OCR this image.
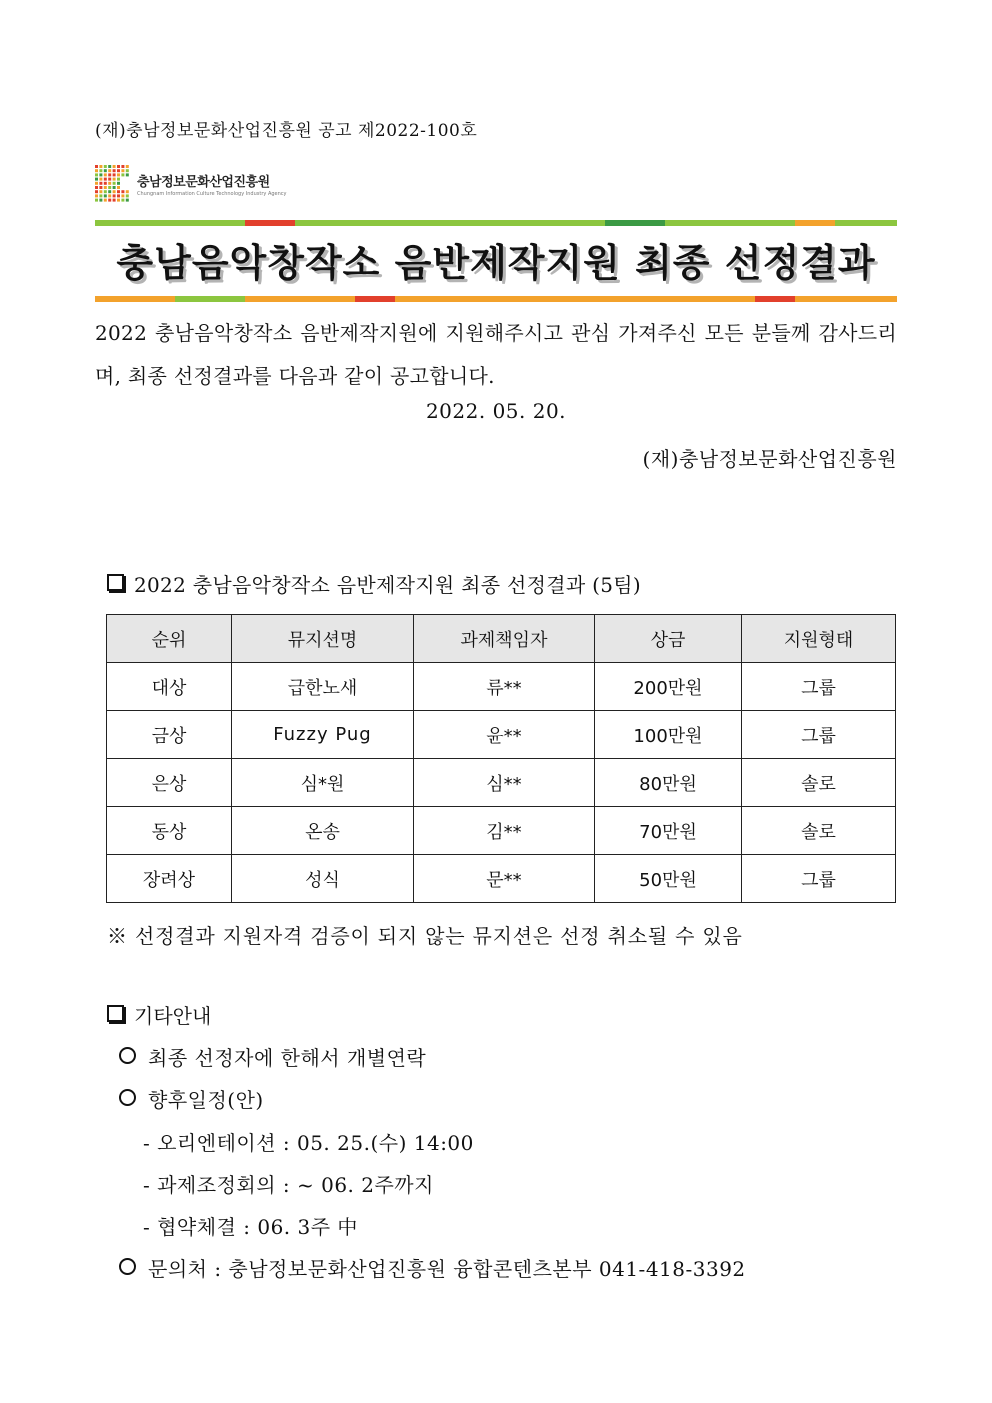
(재)충남정보문화산업진흥원 공고 제2022-100호
충남정보문화산업진흥원
Chungnam Information Culture Technology Industry Agency
충남음악창작소 음반제작지원 최종 선정결과
2022 충남음악창작소 음반제작지원에 지원해주시고 관심 가져주신 모든 분들께 감사드리며, 최종 선정결과를 다음과 같이 공고합니다.
2022. 05. 20.
(재)충남정보문화산업진흥원
2022 충남음악창작소 음반제작지원 최종 선정결과 (5팀)
순위	뮤지션명	과제책임자	상금	지원형태
대상	급한노새	류**	200만원	그룹
금상	Fuzzy Pug	윤**	100만원	그룹
은상	심*원	심**	80만원	솔로
동상	온송	김**	70만원	솔로
장려상	성식	문**	50만원	그룹
※ 선정결과 지원자격 검증이 되지 않는 뮤지션은 선정 취소될 수 있음
기타안내
최종 선정자에 한해서 개별연락
향후일정(안)
- 오리엔테이션 : 05. 25.(수) 14:00
- 과제조정회의 : ~ 06. 2주까지
- 협약체결 : 06. 3주 中
문의처 : 충남정보문화산업진흥원 융합콘텐츠본부 041-418-3392
